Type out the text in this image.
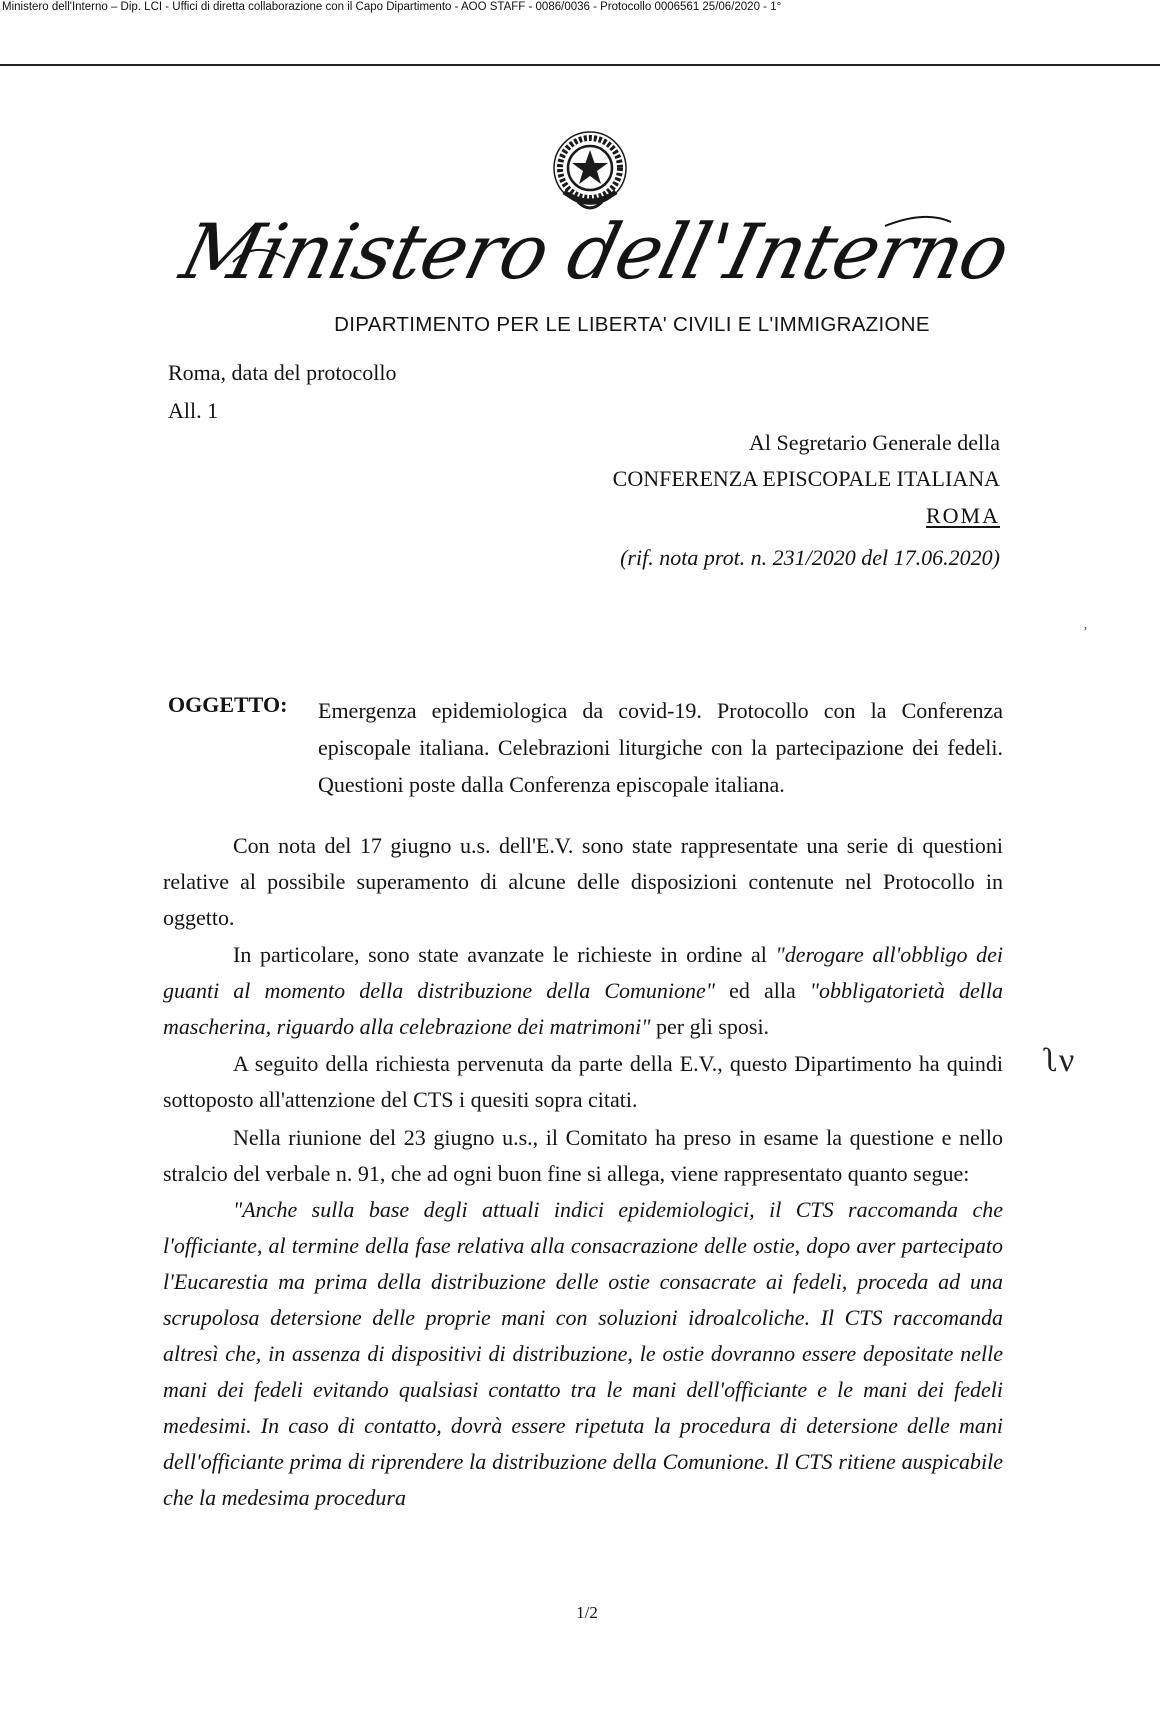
Ministero dell'Interno – Dip. LCI - Uffici di diretta collaborazione con il Capo Dipartimento - AOO STAFF - 0086/0036 - Protocollo 0006561 25/06/2020 - 1°
Ministero dell'Interno
DIPARTIMENTO PER LE LIBERTA' CIVILI E L'IMMIGRAZIONE
Roma, data del protocollo
All. 1
Al Segretario Generale della
CONFERENZA EPISCOPALE ITALIANA
ROMA
(rif. nota prot. n. 231/2020 del 17.06.2020)
ʼ
OGGETTO: Emergenza epidemiologica da covid-19. Protocollo con la Conferenza episcopale italiana. Celebrazioni liturgiche con la partecipazione dei fedeli. Questioni poste dalla Conferenza episcopale italiana.

Con nota del 17 giugno u.s. dell'E.V. sono state rappresentate una serie di questioni relative al possibile superamento di alcune delle disposizioni contenute nel Protocollo in oggetto.

In particolare, sono state avanzate le richieste in ordine al "derogare all'obbligo dei guanti al momento della distribuzione della Comunione" ed alla "obbligatorietà della mascherina, riguardo alla celebrazione dei matrimoni" per gli sposi.

A seguito della richiesta pervenuta da parte della E.V., questo Dipartimento ha quindi sottoposto all'attenzione del CTS i quesiti sopra citati.

Nella riunione del 23 giugno u.s., il Comitato ha preso in esame la questione e nello stralcio del verbale n. 91, che ad ogni buon fine si allega, viene rappresentato quanto segue:

"Anche sulla base degli attuali indici epidemiologici, il CTS raccomanda che l'officiante, al termine della fase relativa alla consacrazione delle ostie, dopo aver partecipato l'Eucarestia ma prima della distribuzione delle ostie consacrate ai fedeli, proceda ad una scrupolosa detersione delle proprie mani con soluzioni idroalcoliche. Il CTS raccomanda altresì che, in assenza di dispositivi di distribuzione, le ostie dovranno essere depositate nelle mani dei fedeli evitando qualsiasi contatto tra le mani dell'officiante e le mani dei fedeli medesimi. In caso di contatto, dovrà essere ripetuta la procedura di detersione delle mani dell'officiante prima di riprendere la distribuzione della Comunione. Il CTS ritiene auspicabile che la medesima procedura

ʅν
1/2
